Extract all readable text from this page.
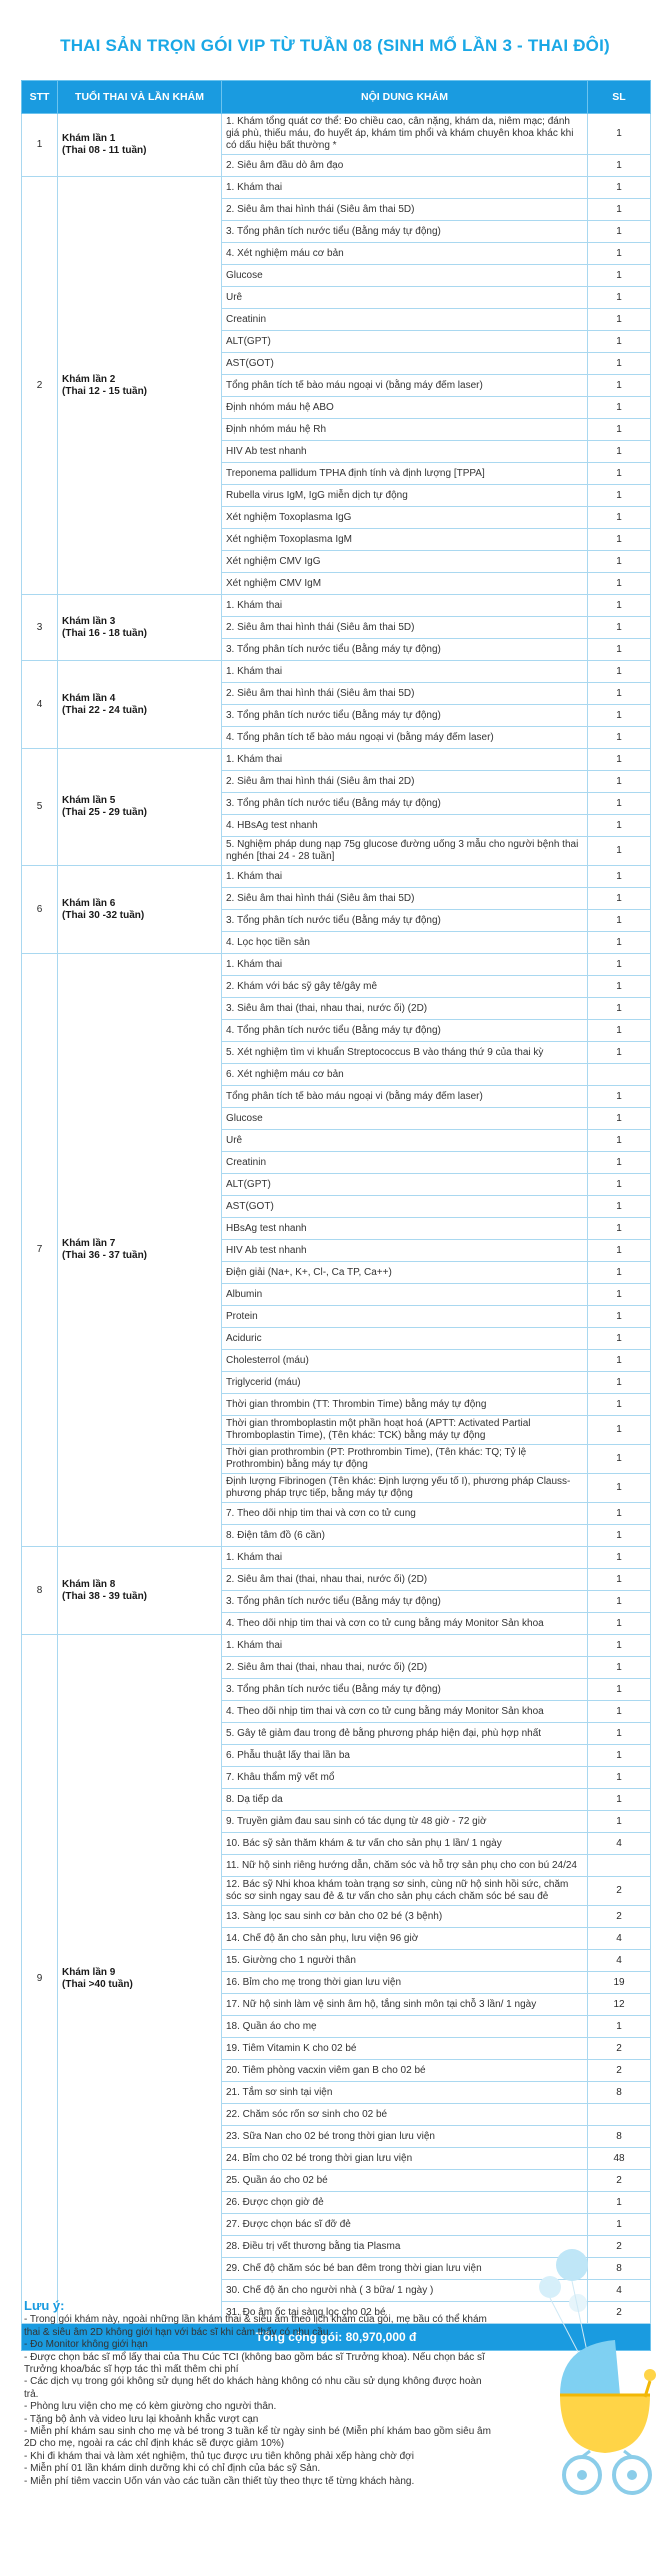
THAI SẢN TRỌN GÓI VIP TỪ TUẦN 08 (SINH MỔ LẦN 3 - THAI ĐÔI)
STT	TUỔI THAI VÀ LẦN KHÁM	NỘI DUNG KHÁM	SL
1	Khám lần 1
(Thai 08 - 11 tuần)	1. Khám tổng quát cơ thể: Đo chiều cao, cân nặng, khám da, niêm mạc; đánh giá phù, thiếu máu, đo huyết áp, khám tim phổi và khám chuyên khoa khác khi có dấu hiệu bất thường *	1
		2. Siêu âm đầu dò âm đạo	1
2	Khám lần 2
(Thai 12 - 15 tuần)	1. Khám thai	1
		2. Siêu âm thai hình thái (Siêu âm thai 5D)	1
		3. Tổng phân tích nước tiểu (Bằng máy tự động)	1
		4. Xét nghiệm máu cơ bản	1
		Glucose	1
		Urê	1
		Creatinin	1
		ALT(GPT)	1
		AST(GOT)	1
		Tổng phân tích tế bào máu ngoại vi (bằng máy đếm laser)	1
		Định nhóm máu hệ ABO	1
		Định nhóm máu hệ Rh	1
		HIV Ab test nhanh	1
		Treponema pallidum TPHA định tính và định lượng [TPPA]	1
		Rubella virus IgM, IgG miễn dịch tự động	1
		Xét nghiệm Toxoplasma IgG	1
		Xét nghiệm Toxoplasma IgM	1
		Xét nghiệm CMV IgG	1
		Xét nghiệm CMV IgM	1
3	Khám lần 3
(Thai 16 - 18 tuần)	1. Khám thai	1
		2. Siêu âm thai hình thái (Siêu âm thai 5D)	1
		3. Tổng phân tích nước tiểu (Bằng máy tự động)	1
4	Khám lần 4
(Thai 22 - 24 tuần)	1. Khám thai	1
		2. Siêu âm thai hình thái (Siêu âm thai 5D)	1
		3. Tổng phân tích nước tiểu (Bằng máy tự động)	1
		4. Tổng phân tích tế bào máu ngoại vi (bằng máy đếm laser)	1
5	Khám lần 5
(Thai 25 - 29 tuần)	1. Khám thai	1
		2. Siêu âm thai hình thái (Siêu âm thai 2D)	1
		3. Tổng phân tích nước tiểu (Bằng máy tự động)	1
		4. HBsAg test nhanh	1
		5. Nghiệm pháp dung nạp 75g glucose đường uống 3 mẫu cho người bệnh thai nghén [thai 24 - 28 tuần]	1
6	Khám lần 6
(Thai 30 -32 tuần)	1. Khám thai	1
		2. Siêu âm thai hình thái (Siêu âm thai 5D)	1
		3. Tổng phân tích nước tiểu (Bằng máy tự động)	1
		4. Lọc học tiền sản	1
7	Khám lần 7
(Thai 36 - 37 tuần)	1. Khám thai	1
		2. Khám với bác sỹ gây tê/gây mê	1
		3. Siêu âm thai (thai, nhau thai, nước ối) (2D)	1
		4. Tổng phân tích nước tiểu (Bằng máy tự động)	1
		5. Xét nghiệm tìm vi khuẩn Streptococcus B vào tháng thứ 9 của thai kỳ	1
		6. Xét nghiệm máu cơ bản	
		Tổng phân tích tế bào máu ngoại vi (bằng máy đếm laser)	1
		Glucose	1
		Urê	1
		Creatinin	1
		ALT(GPT)	1
		AST(GOT)	1
		HBsAg test nhanh	1
		HIV Ab test nhanh	1
		Điện giải (Na+, K+, Cl-, Ca TP, Ca++)	1
		Albumin	1
		Protein	1
		Aciduric	1
		Cholesterrol (máu)	1
		Triglycerid (máu)	1
		Thời gian thrombin (TT: Thrombin Time) bằng máy tự động	1
		Thời gian thromboplastin một phần hoạt hoá (APTT: Activated Partial Thromboplastin Time), (Tên khác: TCK) bằng máy tự động	1
		Thời gian prothrombin (PT: Prothrombin Time), (Tên khác: TQ; Tỷ lệ Prothrombin) bằng máy tự động	1
		Định lượng Fibrinogen (Tên khác: Định lượng yếu tố I), phương pháp Clauss- phương pháp trực tiếp, bằng máy tự động	1
		7. Theo dõi nhịp tim thai và cơn co tử cung	1
		8. Điện tâm đồ (6 cần)	1
8	Khám lần 8
(Thai 38 - 39 tuần)	1. Khám thai	1
		2. Siêu âm thai (thai, nhau thai, nước ối) (2D)	1
		3. Tổng phân tích nước tiểu (Bằng máy tự động)	1
		4. Theo dõi nhịp tim thai và cơn co tử cung bằng máy Monitor Sản khoa	1
9	Khám lần 9
(Thai >40 tuần)	1. Khám thai	1
		2. Siêu âm thai (thai, nhau thai, nước ối) (2D)	1
		3. Tổng phân tích nước tiểu (Bằng máy tự động)	1
		4. Theo dõi nhịp tim thai và cơn co tử cung bằng máy Monitor Sản khoa	1
		5. Gây tê giảm đau trong đẻ bằng phương pháp hiện đại, phù hợp nhất	1
		6. Phẫu thuật lấy thai lần ba	1
		7. Khâu thẩm mỹ vết mổ	1
		8. Dạ tiếp da	1
		9. Truyền giảm đau sau sinh có tác dụng từ 48 giờ - 72 giờ	1
		10. Bác sỹ sản thăm khám & tư vấn cho sản phụ 1 lần/ 1 ngày	4
		11. Nữ hộ sinh riêng hướng dẫn, chăm sóc và hỗ trợ sản phụ cho con bú 24/24	
		12. Bác sỹ Nhi khoa khám toàn trạng sơ sinh, cùng nữ hộ sinh hồi sức, chăm sóc sơ sinh ngay sau đẻ & tư vấn cho sản phụ cách chăm sóc bé sau đẻ	2
		13. Sàng lọc sau sinh cơ bản cho 02 bé (3 bệnh)	2
		14. Chế độ ăn cho sản phụ, lưu viện 96 giờ	4
		15. Giường cho 1 người thân	4
		16. Bỉm cho mẹ trong thời gian lưu viện	19
		17. Nữ hộ sinh làm vệ sinh âm hộ, tắng sinh môn tại chỗ 3 lần/ 1 ngày	12
		18. Quần áo cho mẹ	1
		19. Tiêm Vitamin K cho 02 bé	2
		20. Tiêm phòng vacxin viêm gan B cho 02 bé	2
		21. Tắm sơ sinh tại viện	8
		22. Chăm sóc rốn sơ sinh cho 02 bé	
		23. Sữa Nan cho 02 bé trong thời gian lưu viện	8
		24. Bỉm cho 02 bé trong thời gian lưu viện	48
		25. Quần áo cho 02 bé	2
		26. Được chọn giờ đẻ	1
		27. Được chọn bác sĩ đỡ đẻ	1
		28. Điều trị vết thương bằng tia Plasma	2
		29. Chế độ chăm sóc bé ban đêm trong thời gian lưu viện	8
		30. Chế độ ăn cho người nhà ( 3 bữa/ 1 ngày )	4
		31. Đo âm ốc tai sàng lọc cho 02 bé	2
Tổng cộng gói: 80,970,000 đ			
Lưu ý:
- Trong gói khám này, ngoài những lần khám thai & siêu âm theo lịch khám của gói, mẹ bầu có thể khám thai & siêu âm 2D không giới hạn với bác sĩ khi cảm thấy có nhu cầu.
- Đo Monitor không giới hạn
- Được chọn bác sĩ mổ lấy thai của Thu Cúc TCI (không bao gồm bác sĩ Trưởng khoa). Nếu chọn bác sĩ Trưởng khoa/bác sĩ hợp tác thì mất thêm chi phí
- Các dịch vụ trong gói không sử dụng hết do khách hàng không có nhu cầu sử dụng không được hoàn trả.
- Phòng lưu viện cho mẹ có kèm giường cho người thân.
- Tặng bộ ảnh và video lưu lại khoảnh khắc vượt cạn
- Miễn phí khám sau sinh cho mẹ và bé trong 3 tuần kể từ ngày sinh bé (Miễn phí khám bao gồm siêu âm 2D cho mẹ, ngoài ra các chỉ định khác sẽ được giảm 10%)
- Khi đi khám thai và làm xét nghiệm, thủ tục được ưu tiên không phải xếp hàng chờ đợi
- Miễn phí 01 lần khám dinh dưỡng khi có chỉ định của bác sỹ Sản.
- Miễn phí tiêm vaccin Uốn ván vào các tuần cần thiết tùy theo thực tế từng khách hàng.
